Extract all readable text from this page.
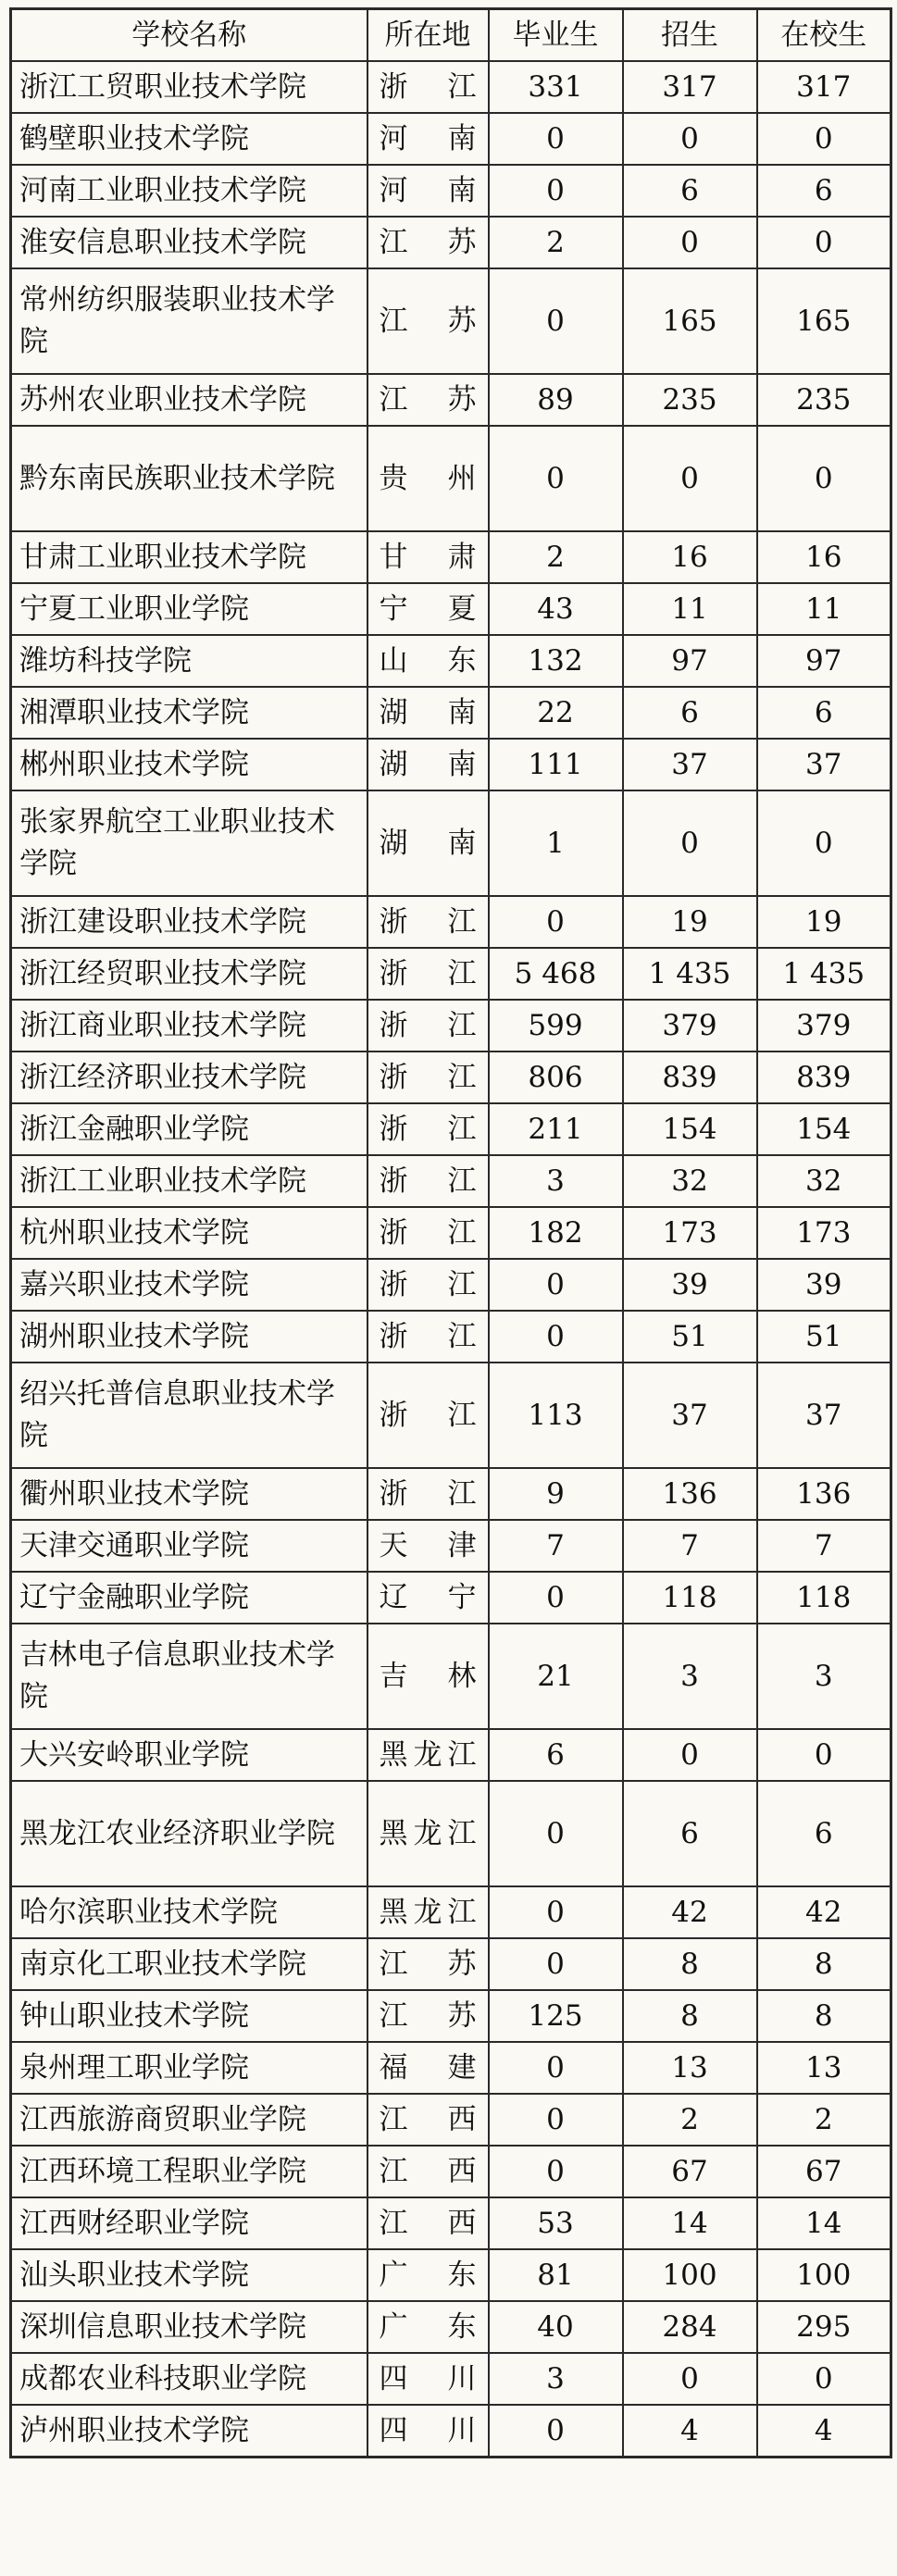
学校名称	所在地	毕业生	招生	在校生
浙江工贸职业技术学院	浙 江	331	317	317
鹤壁职业技术学院	河 南	0	0	0
河南工业职业技术学院	河 南	0	6	6
淮安信息职业技术学院	江 苏	2	0	0
常州纺织服装职业技术学院	江 苏	0	165	165
苏州农业职业技术学院	江 苏	89	235	235
黔东南民族职业技术学院	贵 州	0	0	0
甘肃工业职业技术学院	甘 肃	2	16	16
宁夏工业职业学院	宁 夏	43	11	11
潍坊科技学院	山 东	132	97	97
湘潭职业技术学院	湖 南	22	6	6
郴州职业技术学院	湖 南	111	37	37
张家界航空工业职业技术学院	湖 南	1	0	0
浙江建设职业技术学院	浙 江	0	19	19
浙江经贸职业技术学院	浙 江	5 468	1 435	1 435
浙江商业职业技术学院	浙 江	599	379	379
浙江经济职业技术学院	浙 江	806	839	839
浙江金融职业学院	浙 江	211	154	154
浙江工业职业技术学院	浙 江	3	32	32
杭州职业技术学院	浙 江	182	173	173
嘉兴职业技术学院	浙 江	0	39	39
湖州职业技术学院	浙 江	0	51	51
绍兴托普信息职业技术学院	浙 江	113	37	37
衢州职业技术学院	浙 江	9	136	136
天津交通职业学院	天 津	7	7	7
辽宁金融职业学院	辽 宁	0	118	118
吉林电子信息职业技术学院	吉 林	21	3	3
大兴安岭职业学院	黑龙江	6	0	0
黑龙江农业经济职业学院	黑龙江	0	6	6
哈尔滨职业技术学院	黑龙江	0	42	42
南京化工职业技术学院	江 苏	0	8	8
钟山职业技术学院	江 苏	125	8	8
泉州理工职业学院	福 建	0	13	13
江西旅游商贸职业学院	江 西	0	2	2
江西环境工程职业学院	江 西	0	67	67
江西财经职业学院	江 西	53	14	14
汕头职业技术学院	广 东	81	100	100
深圳信息职业技术学院	广 东	40	284	295
成都农业科技职业学院	四 川	3	0	0
泸州职业技术学院	四 川	0	4	4
